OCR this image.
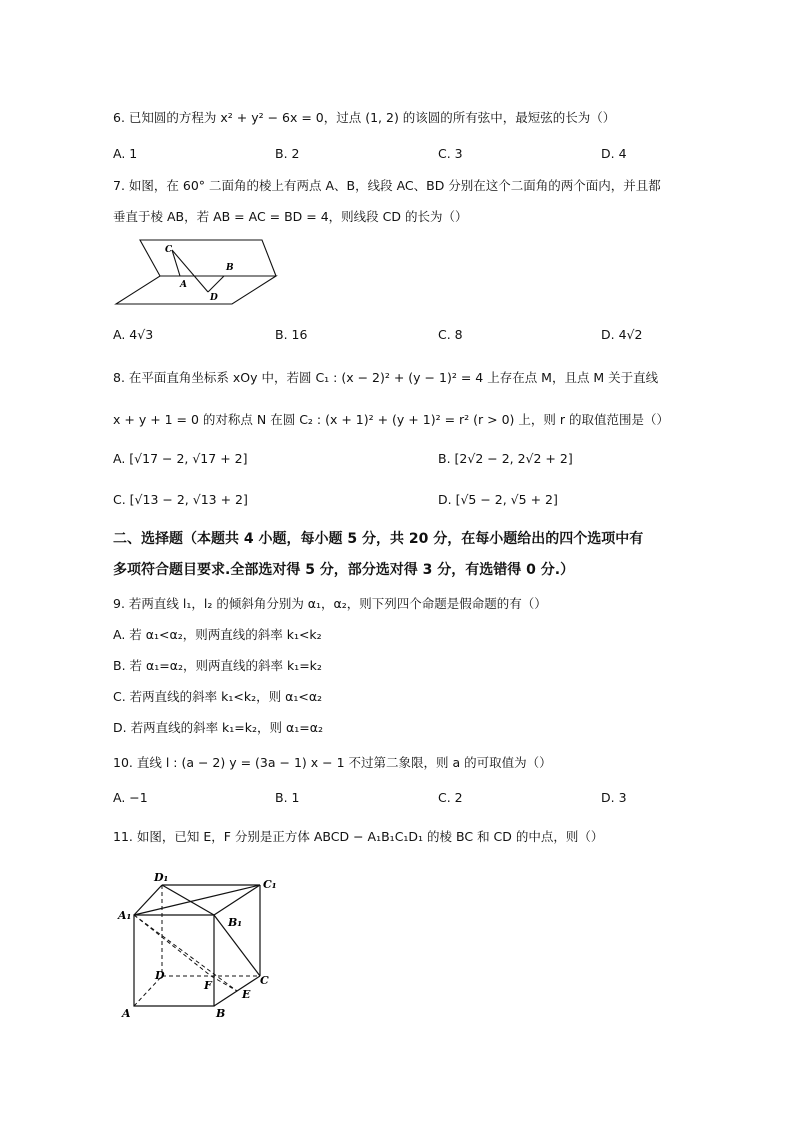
6. 已知圆的方程为 x² + y² − 6x = 0，过点 (1, 2) 的该圆的所有弦中，最短弦的长为（）
A. 1	B. 2	C. 3	D. 4
7. 如图，在 60° 二面角的棱上有两点 A、B，线段 AC、BD 分别在这个二面角的两个面内，并且都
垂直于棱 AB，若 AB = AC = BD = 4，则线段 CD 的长为（）
C
B
A
D
A. 4√3	B. 16	C. 8	D. 4√2
8. 在平面直角坐标系 xOy 中，若圆 C₁ : (x − 2)² + (y − 1)² = 4 上存在点 M，且点 M 关于直线
x + y + 1 = 0 的对称点 N 在圆 C₂ : (x + 1)² + (y + 1)² = r² (r > 0) 上，则 r 的取值范围是（）
A. [√17 − 2, √17 + 2]	B. [2√2 − 2, 2√2 + 2]
C. [√13 − 2, √13 + 2]	D. [√5 − 2, √5 + 2]
二、选择题（本题共 4 小题，每小题 5 分，共 20 分，在每小题给出的四个选项中有
多项符合题目要求.全部选对得 5 分，部分选对得 3 分，有选错得 0 分.）
9. 若两直线 l₁，l₂ 的倾斜角分别为 α₁，α₂，则下列四个命题是假命题的有（）
A. 若 α₁<α₂，则两直线的斜率 k₁<k₂
B. 若 α₁=α₂，则两直线的斜率 k₁=k₂
C. 若两直线的斜率 k₁<k₂，则 α₁<α₂
D. 若两直线的斜率 k₁=k₂，则 α₁=α₂
10. 直线 l : (a − 2) y = (3a − 1) x − 1 不过第二象限，则 a 的可取值为（）
A. −1	B. 1	C. 2	D. 3
11. 如图，已知 E，F 分别是正方体 ABCD − A₁B₁C₁D₁ 的棱 BC 和 CD 的中点，则（）
D₁
C₁
A₁
B₁
D	C
F
E
A	B
